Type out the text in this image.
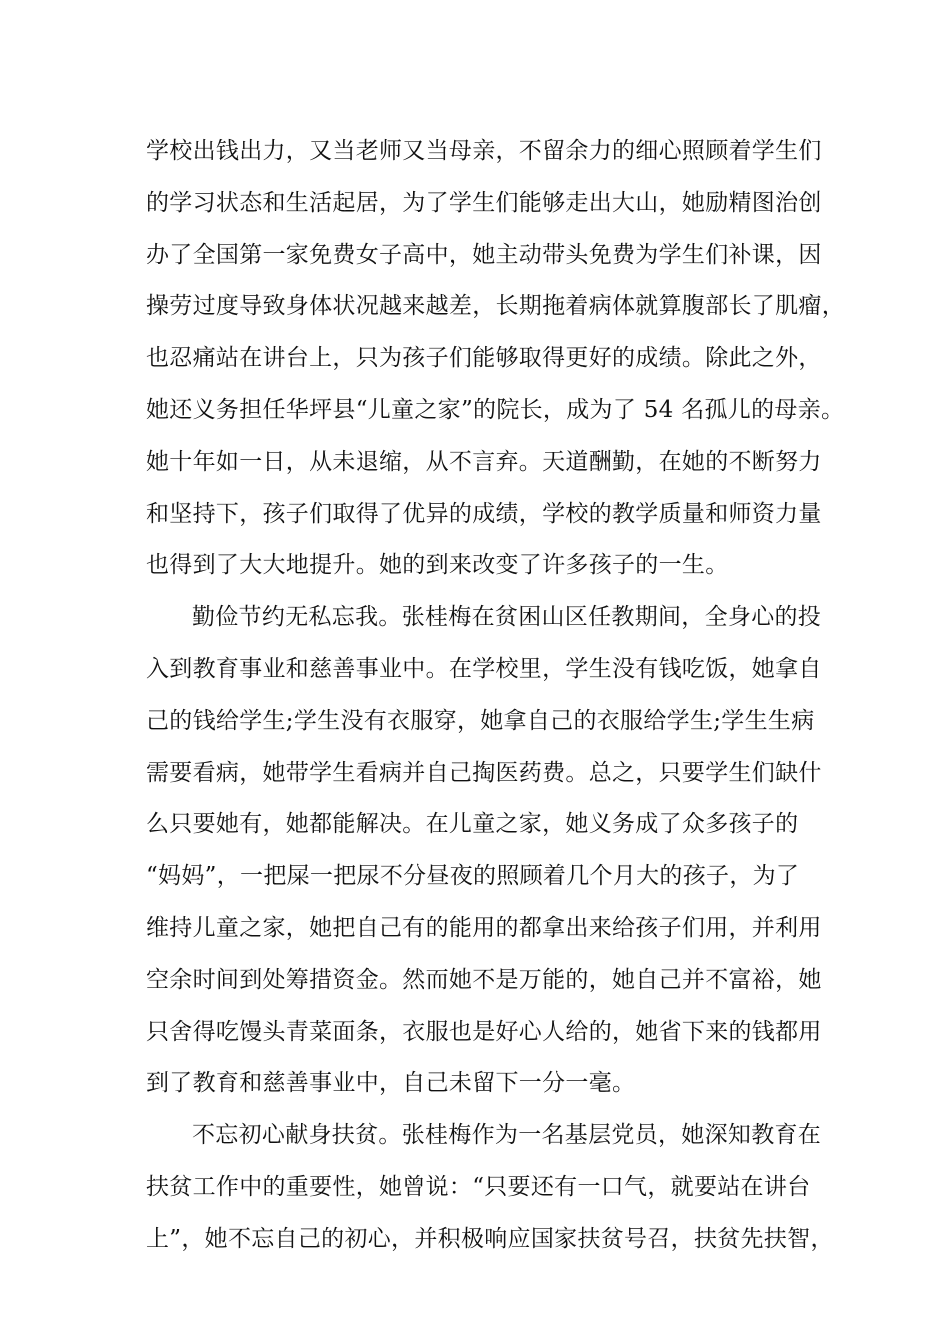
学校出钱出力，又当老师又当母亲，不留余力的细心照顾着学生们
的学习状态和生活起居，为了学生们能够走出大山，她励精图治创
办了全国第一家免费女子高中，她主动带头免费为学生们补课，因
操劳过度导致身体状况越来越差，长期拖着病体就算腹部长了肌瘤，
也忍痛站在讲台上，只为孩子们能够取得更好的成绩。除此之外，
她还义务担任华坪县“儿童之家”的院长，成为了 54 名孤儿的母亲。
她十年如一日，从未退缩，从不言弃。天道酬勤，在她的不断努力
和坚持下，孩子们取得了优异的成绩，学校的教学质量和师资力量
也得到了大大地提升。她的到来改变了许多孩子的一生。
勤俭节约无私忘我。张桂梅在贫困山区任教期间，全身心的投
入到教育事业和慈善事业中。在学校里，学生没有钱吃饭，她拿自
己的钱给学生;学生没有衣服穿，她拿自己的衣服给学生;学生生病
需要看病，她带学生看病并自己掏医药费。总之，只要学生们缺什
么只要她有，她都能解决。在儿童之家，她义务成了众多孩子的
“妈妈”，一把屎一把尿不分昼夜的照顾着几个月大的孩子，为了
维持儿童之家，她把自己有的能用的都拿出来给孩子们用，并利用
空余时间到处筹措资金。然而她不是万能的，她自己并不富裕，她
只舍得吃馒头青菜面条，衣服也是好心人给的，她省下来的钱都用
到了教育和慈善事业中，自己未留下一分一毫。
不忘初心献身扶贫。张桂梅作为一名基层党员，她深知教育在
扶贫工作中的重要性，她曾说：“只要还有一口气，就要站在讲台
上”，她不忘自己的初心，并积极响应国家扶贫号召，扶贫先扶智，
